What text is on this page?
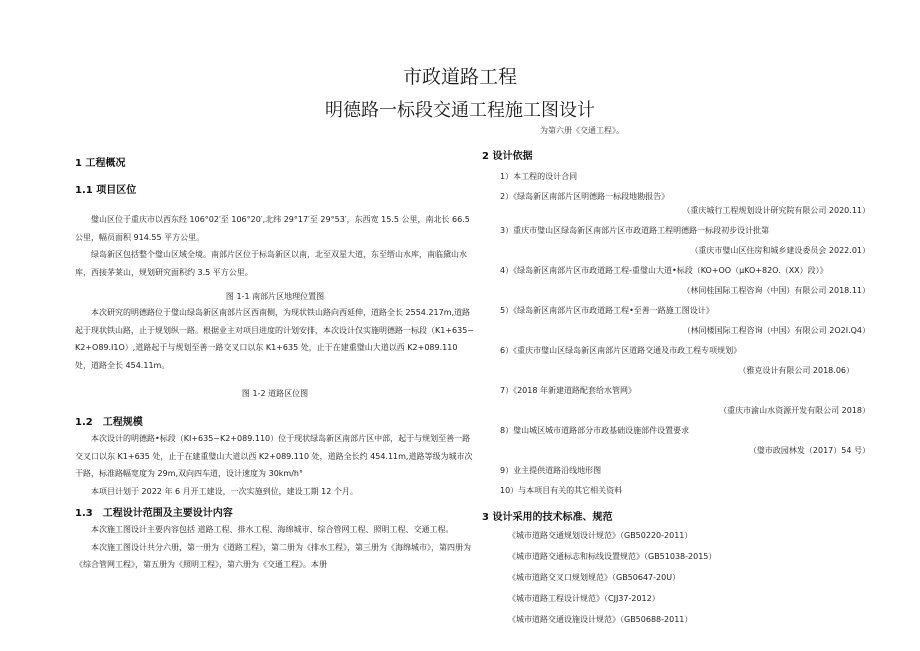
市政道路工程
明德路一标段交通工程施工图设计
为第六册《交通工程》。
1 工程概况
1.1 项目区位

璧山区位于重庆市以西东经 106°02′至 106°20′,北纬 29°17′至 29°53′，东西宽 15.5 公里，南北长 66.5 公里，幅员面积 914.55 平方公里。

绿岛新区包括整个璧山区域全境。南部片区位于标岛新区以南，北至双星大道，东至缙山水库，南临黛山水库，西接茅莱山，规划研究面积约 3.5 平方公里。

图 1-1 南部片区地理位置图

本次研究的明德路位于璧山绿岛新区南部片区西南侧，为现状铁山路向西延伸，道路全长 2554.217m,道路起于现状铁山路，止于规划纵一路。根据业主对项目进度的计划安排，本次设计仅实施明德路一标段（K1+635~K2+O89.I1O）,道路起于与规划至善一路交叉口以东 K1+635 处，止于在建重璧山大道以西 K2+089.110 处，道路全长 454.11m。

图 1-2 道路区位图
1.2　工程规模

本次设计的明德路•标段（KI+635~K2+089.110）位于现状绿岛新区南部片区中部，起于与规划至善一路交叉口以东 K1+635 处，止于在建重璧山大道以西 K2+089.110 处，道路全长约 454.11m,道路等级为城市次干路，标准路幅宽度为 29m,双向四车道，设计速度为 30km/h°

本项目计划于 2022 年 6 月开工建设，一次实施到位，建设工期 12 个月。

1.3　工程设计范围及主要设计内容

本次施工图设计主要内容包括 道路工程、排水工程、海绵城市、综合管网工程、照明工程、交通工程。

本次施工图设计共分六册，第一册为《道路工程》，第二册为《排水工程》，第三册为《海绵城市》，第四册为《综合管网工程》，第五册为《照明工程》，第六册为《交通工程》。本册

2 设计依据
1）本工程的设计合同
2）《绿岛新区南部片区明德路一标段地勘报告》
（重庆城行工程规划设计研究院有限公司 2020.11）
3）重庆市璧山区绿岛新区南部片区市政道路工程明德路一标段初步设计批第
（重庆市璧山区住房和城乡建设委员会 2022.01）
4）《绿岛新区南部片区市政道路工程-重璧山大道•标段（KO+OO（μKO+82O.（XX）段）》
（林同桂国际工程咨询（中国）有限公司 2018.11）
5）《绿岛新区南部片区市政道路工程•至善一路施工图设计》
（林同楼国际工程咨询（中国）有限公司 2O2I.Q4）
6）《重庆市璧山区绿岛新区南部片区道路交通及市政工程专项规划》
（雅克设计有限公司 2018.06）
7）《2018 年新建道路配套给水管网》
（重庆市渝山水资源开发有限公司 2018）
8）璧山城区城市道路部分市政基础设施部件设置要求
（璧市政园林发（2017）54 号）
9）业主提供道路沿线地形图
10）与本项目有关的其它相关资料
3 设计采用的技术标准、规范
《城市道路交通规划设计规范》（GB50220-2011）
《城市道路交通标志和标线设置规范》（GB51038-2015）
《城市道路交叉口规划规范》（GB50647-20U）
《城市道路工程设计规范》（CJJ37-2012）
《城市道路交通设施设计规范》（GB50688-2011）
